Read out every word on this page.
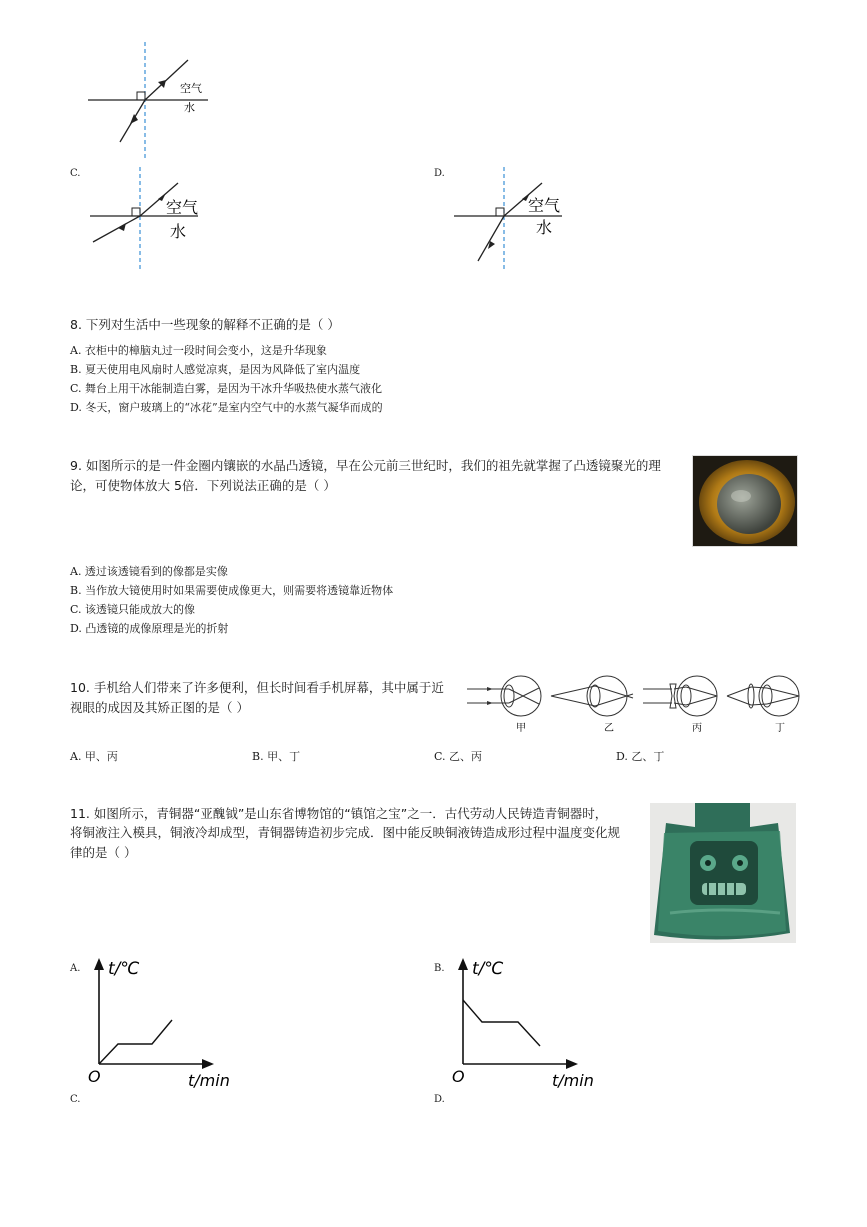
空气
水
C.
空气
水
D.
空气
水
8. 下列对生活中一些现象的解释不正确的是（ ）
A. 衣柜中的樟脑丸过一段时间会变小，这是升华现象
B. 夏天使用电风扇时人感觉凉爽，是因为风降低了室内温度
C. 舞台上用干冰能制造白雾，是因为干冰升华吸热使水蒸气液化
D. 冬天，窗户玻璃上的“冰花”是室内空气中的水蒸气凝华而成的
9. 如图所示的是一件金圈内镶嵌的水晶凸透镜，早在公元前三世纪时，我们的祖先就掌握了凸透镜聚光的理
论，可使物体放大 5倍．下列说法正确的是（ ）
A. 透过该透镜看到的像都是实像
B. 当作放大镜使用时如果需要使成像更大，则需要将透镜靠近物体
C. 该透镜只能成放大的像
D. 凸透镜的成像原理是光的折射
10. 手机给人们带来了许多便利，但长时间看手机屏幕，其中属于近
视眼的成因及其矫正图的是（ ）
甲	乙	丙	丁
A. 甲、丙	B. 甲、丁	C. 乙、丙	D. 乙、丁
11. 如图所示，青铜器“亚醜钺”是山东省博物馆的“镇馆之宝”之一．古代劳动人民铸造青铜器时，
将铜液注入模具，铜液冷却成型，青铜器铸造初步完成．图中能反映铜液铸造成形过程中温度变化规
律的是（ ）
A. t/℃
t/min
O
B. t/℃
t/min
O
C.	D.
